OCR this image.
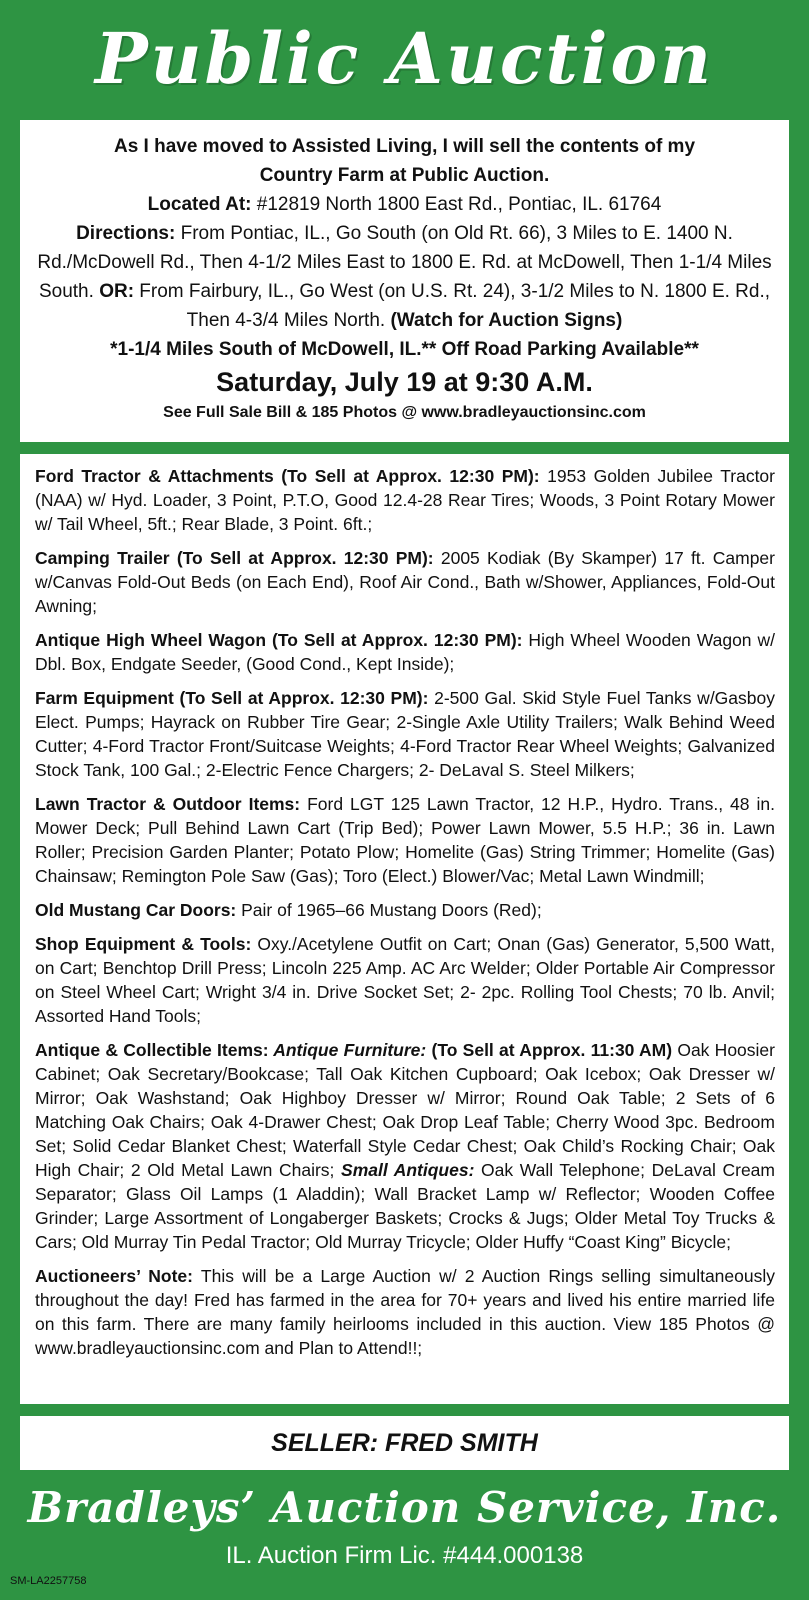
Public Auction

As I have moved to Assisted Living, I will sell the contents of my

Country Farm at Public Auction.

Located At: #12819 North 1800 East Rd., Pontiac, IL. 61764

Directions: From Pontiac, IL., Go South (on Old Rt. 66), 3 Miles to E. 1400 N. Rd./McDowell Rd., Then 4-1/2 Miles East to 1800 E. Rd. at McDowell, Then 1-1/4 Miles South. OR: From Fairbury, IL., Go West (on U.S. Rt. 24), 3-1/2 Miles to N. 1800 E. Rd., Then 4-3/4 Miles North. (Watch for Auction Signs)

*1-1/4 Miles South of McDowell, IL.** Off Road Parking Available**

Saturday, July 19 at 9:30 A.M.

See Full Sale Bill & 185 Photos @ www.bradleyauctionsinc.com

Ford Tractor & Attachments (To Sell at Approx. 12:30 PM): 1953 Golden Jubilee Tractor (NAA) w/ Hyd. Loader, 3 Point, P.T.O, Good 12.4-28 Rear Tires; Woods, 3 Point Rotary Mower w/ Tail Wheel, 5ft.; Rear Blade, 3 Point. 6ft.;

Camping Trailer (To Sell at Approx. 12:30 PM): 2005 Kodiak (By Skamper) 17 ft. Camper w/Canvas Fold-Out Beds (on Each End), Roof Air Cond., Bath w/Shower, Appliances, Fold-Out Awning;

Antique High Wheel Wagon (To Sell at Approx. 12:30 PM): High Wheel Wooden Wagon w/ Dbl. Box, Endgate Seeder, (Good Cond., Kept Inside);

Farm Equipment (To Sell at Approx. 12:30 PM): 2-500 Gal. Skid Style Fuel Tanks w/Gasboy Elect. Pumps; Hayrack on Rubber Tire Gear; 2-Single Axle Utility Trailers; Walk Behind Weed Cutter; 4-Ford Tractor Front/Suitcase Weights; 4-Ford Tractor Rear Wheel Weights; Galvanized Stock Tank, 100 Gal.; 2-Electric Fence Chargers; 2- DeLaval S. Steel Milkers;

Lawn Tractor & Outdoor Items: Ford LGT 125 Lawn Tractor, 12 H.P., Hydro. Trans., 48 in. Mower Deck; Pull Behind Lawn Cart (Trip Bed); Power Lawn Mower, 5.5 H.P.; 36 in. Lawn Roller; Precision Garden Planter; Potato Plow; Homelite (Gas) String Trimmer; Homelite (Gas) Chainsaw; Remington Pole Saw (Gas); Toro (Elect.) Blower/Vac; Metal Lawn Windmill;

Old Mustang Car Doors: Pair of 1965–66 Mustang Doors (Red);

Shop Equipment & Tools: Oxy./Acetylene Outfit on Cart; Onan (Gas) Generator, 5,500 Watt, on Cart; Benchtop Drill Press; Lincoln 225 Amp. AC Arc Welder; Older Portable Air Compressor on Steel Wheel Cart; Wright 3/4 in. Drive Socket Set; 2- 2pc. Rolling Tool Chests; 70 lb. Anvil; Assorted Hand Tools;

Antique & Collectible Items: Antique Furniture: (To Sell at Approx. 11:30 AM) Oak Hoosier Cabinet; Oak Secretary/Bookcase; Tall Oak Kitchen Cupboard; Oak Icebox; Oak Dresser w/ Mirror; Oak Washstand; Oak Highboy Dresser w/ Mirror; Round Oak Table; 2 Sets of 6 Matching Oak Chairs; Oak 4-Drawer Chest; Oak Drop Leaf Table; Cherry Wood 3pc. Bedroom Set; Solid Cedar Blanket Chest; Waterfall Style Cedar Chest; Oak Child’s Rocking Chair; Oak High Chair; 2 Old Metal Lawn Chairs; Small Antiques: Oak Wall Telephone; DeLaval Cream Separator; Glass Oil Lamps (1 Aladdin); Wall Bracket Lamp w/ Reflector; Wooden Coffee Grinder; Large Assortment of Longaberger Baskets; Crocks & Jugs; Older Metal Toy Trucks & Cars; Old Murray Tin Pedal Tractor; Old Murray Tricycle; Older Huffy “Coast King” Bicycle;

Auctioneers’ Note: This will be a Large Auction w/ 2 Auction Rings selling simultaneously throughout the day! Fred has farmed in the area for 70+ years and lived his entire married life on this farm. There are many family heirlooms included in this auction. View 185 Photos @ www.bradleyauctionsinc.com and Plan to Attend!!;

SELLER: FRED SMITH
Bradleys’ Auction Service, Inc.
IL. Auction Firm Lic. #444.000138
SM-LA2257758
